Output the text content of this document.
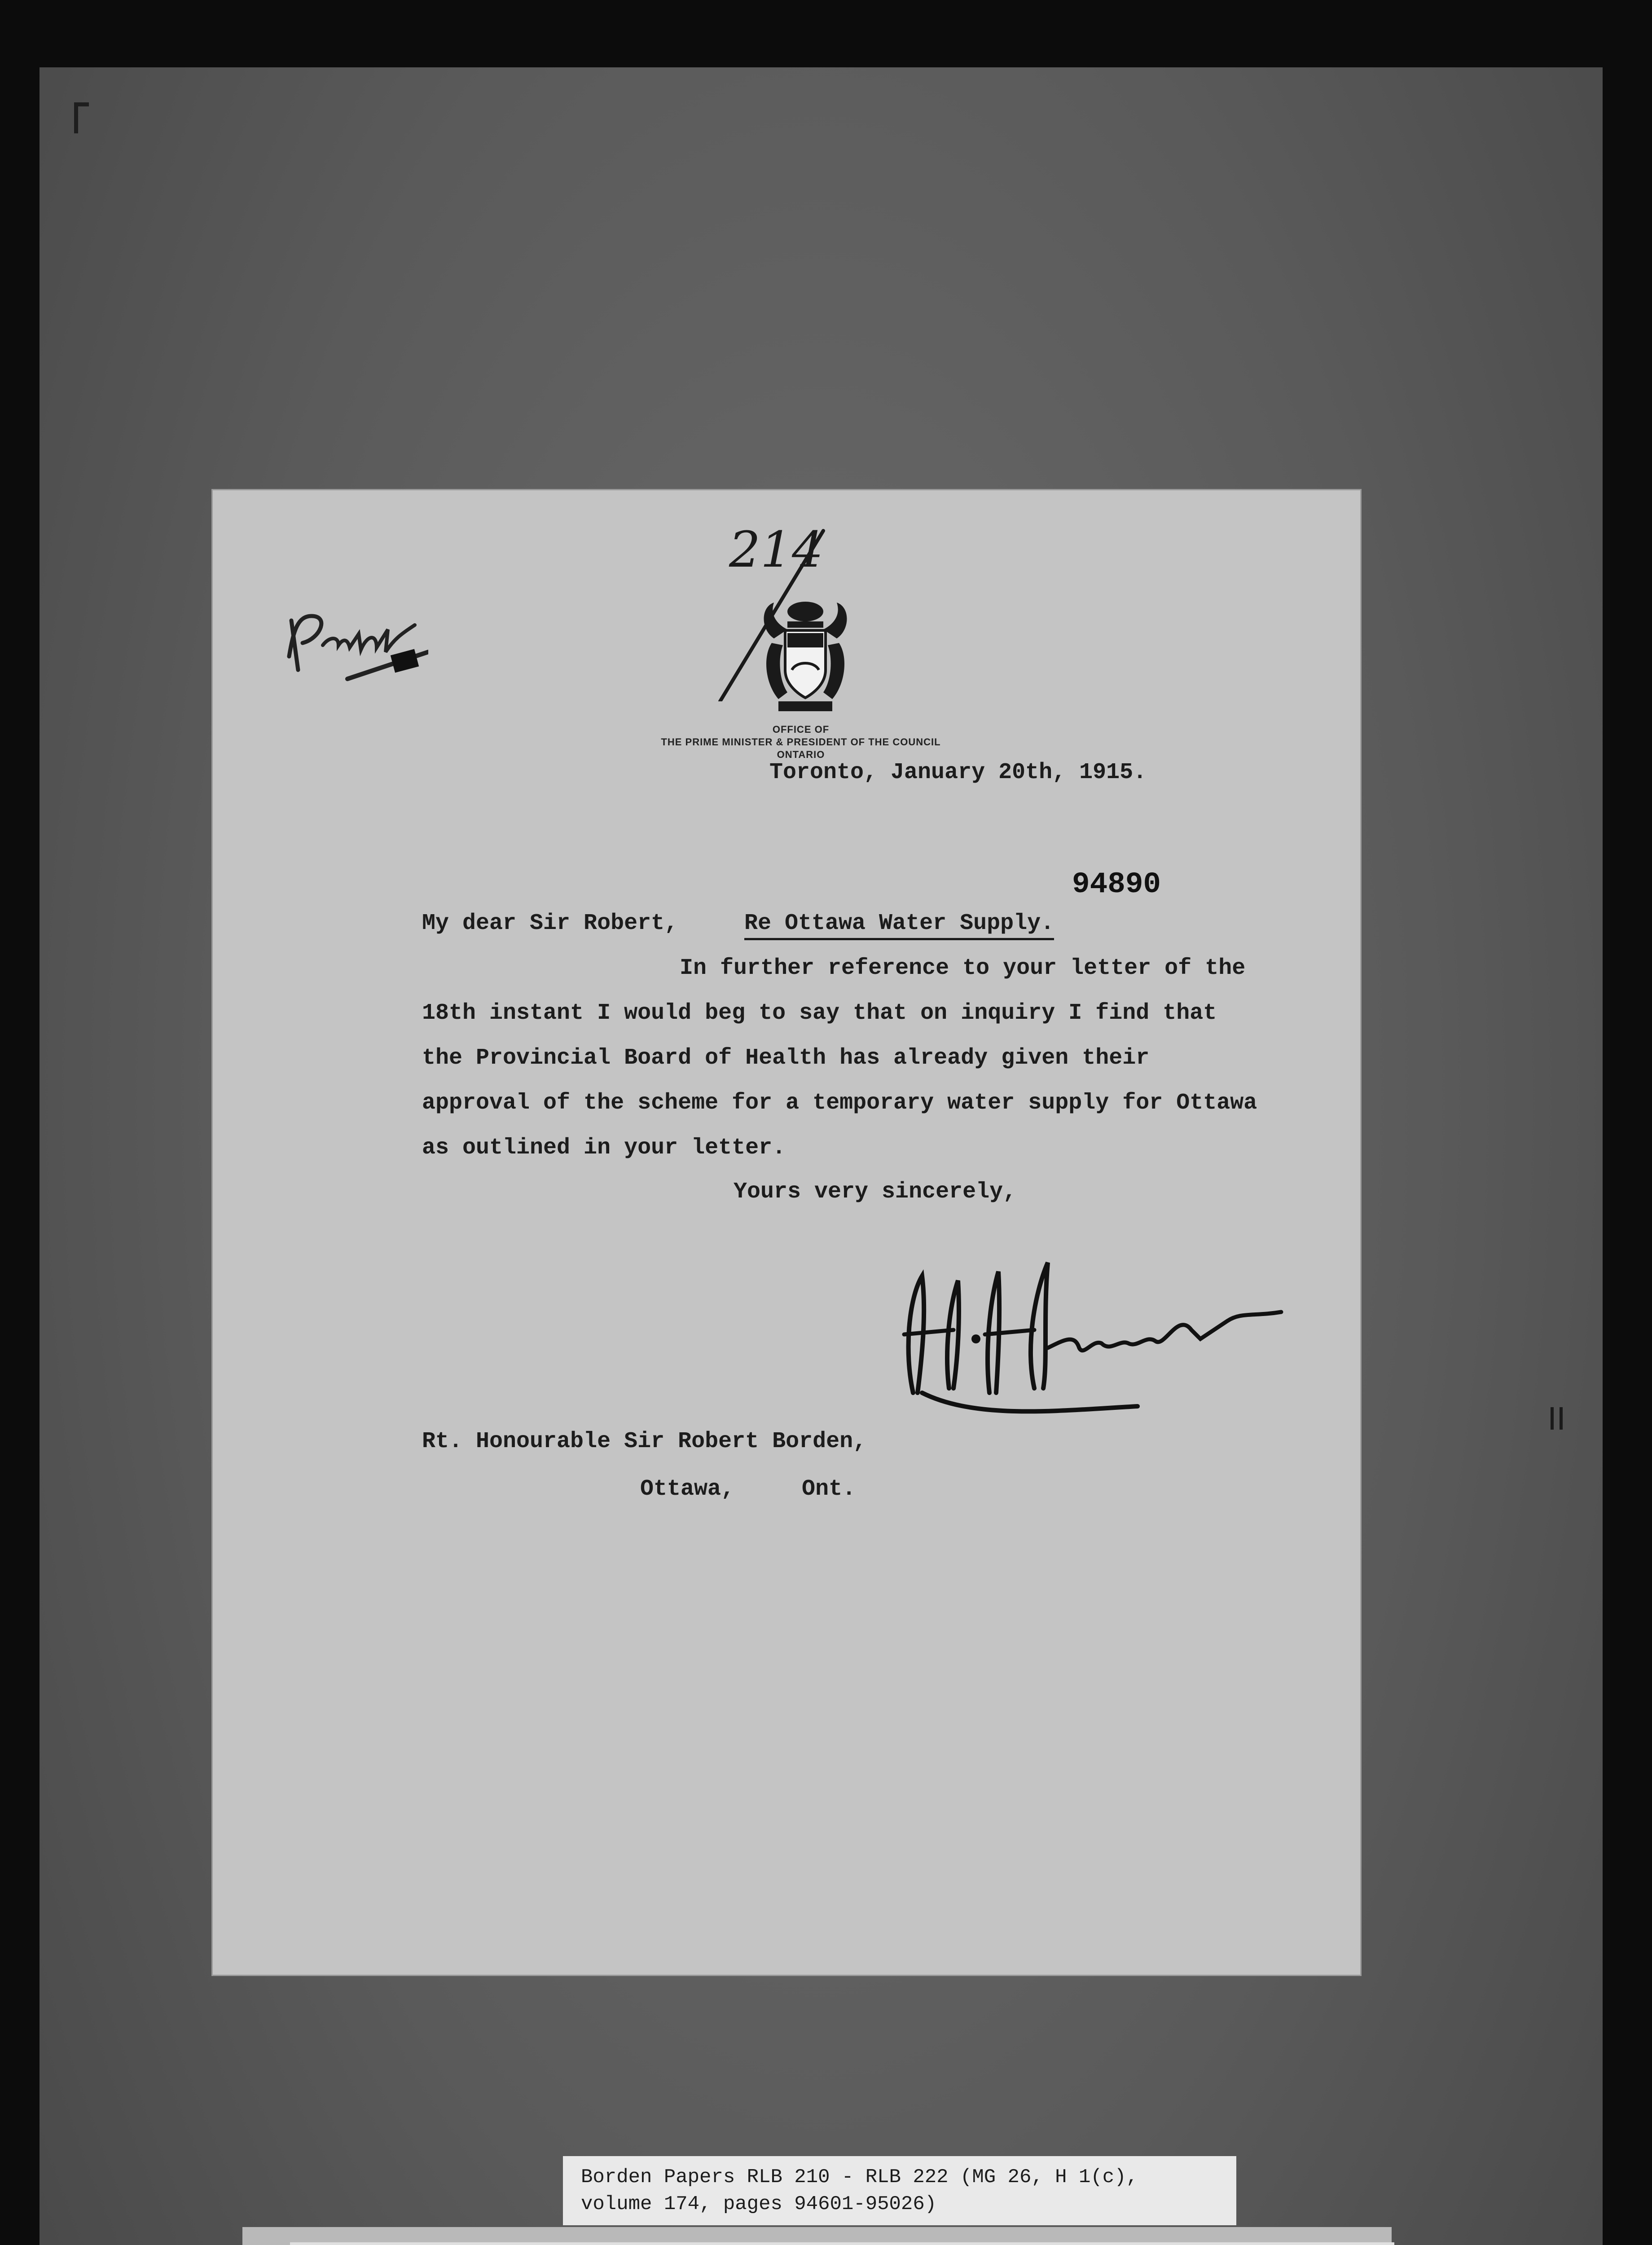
214
OFFICE OF
THE PRIME MINISTER & PRESIDENT OF THE COUNCIL
ONTARIO
Toronto, January 20th, 1915.
94890
My dear Sir Robert,	Re Ottawa Water Supply.
In further reference to your letter of the
18th instant I would beg to say that on inquiry I find that
the Provincial Board of Health has already given their
approval of the scheme for a temporary water supply for Ottawa
as outlined in your letter.
Yours very sincerely,
Rt. Honourable Sir Robert Borden,
Ottawa,     Ont.
Borden Papers RLB 210 - RLB 222 (MG 26, H 1(c),
volume 174, pages 94601-95026)
